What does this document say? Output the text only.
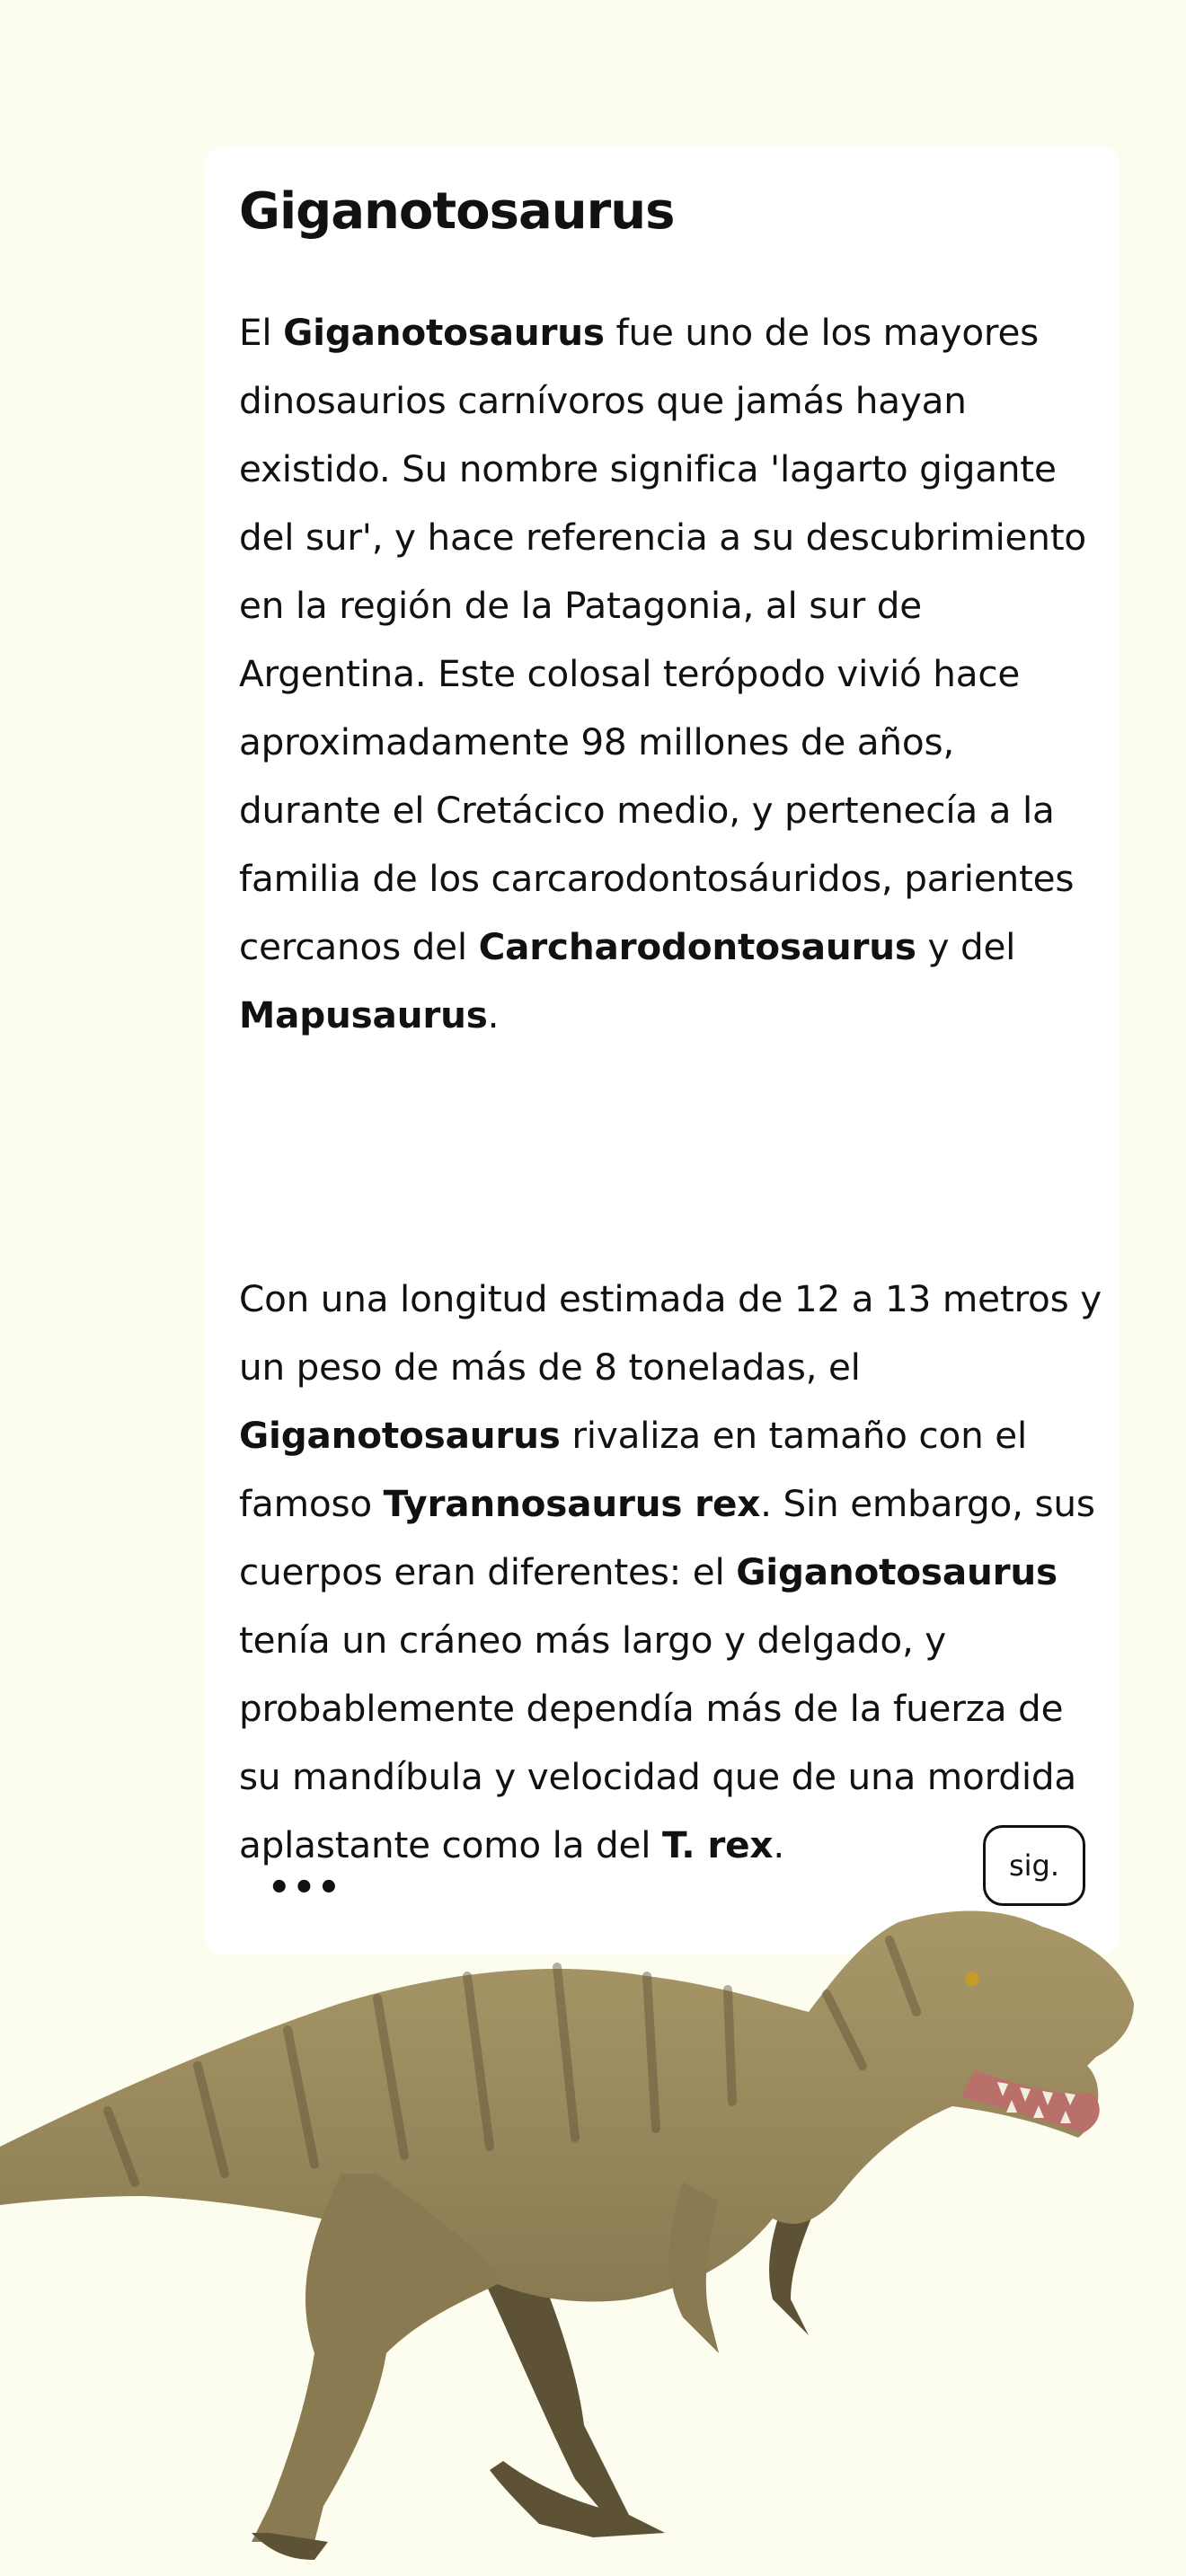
Giganotosaurus

El Giganotosaurus fue uno de los mayores dinosaurios carnívoros que jamás hayan existido. Su nombre significa 'lagarto gigante del sur', y hace referencia a su descubrimiento en la región de la Patagonia, al sur de Argentina. Este colosal terópodo vivió hace aproximadamente 98 millones de años, durante el Cretácico medio, y pertenecía a la familia de los carcarodontosáuridos, parientes cercanos del Carcharodontosaurus y del Mapusaurus.

Con una longitud estimada de 12 a 13 metros y un peso de más de 8 toneladas, el Giganotosaurus rivaliza en tamaño con el famoso Tyrannosaurus rex. Sin embargo, sus cuerpos eran diferentes: el Giganotosaurus tenía un cráneo más largo y delgado, y probablemente dependía más de la fuerza de su mandíbula y velocidad que de una mordida aplastante como la del T. rex.

•••
sig.
